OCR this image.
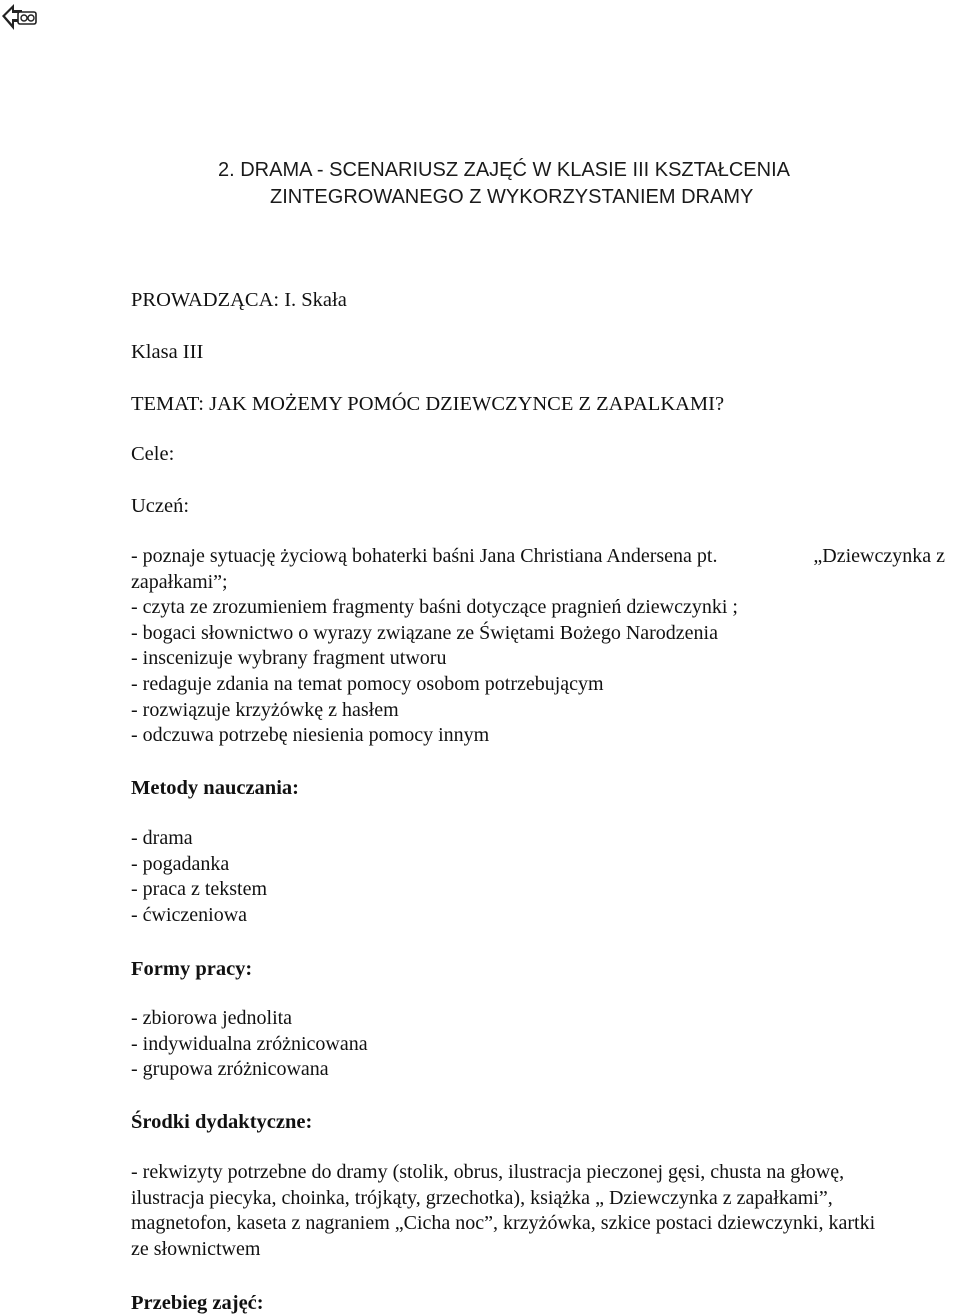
2. DRAMA - SCENARIUSZ ZAJĘĆ W KLASIE III KSZTAŁCENIA
ZINTEGROWANEGO Z WYKORZYSTANIEM DRAMY
PROWADZĄCA: I. Skała
Klasa III
TEMAT: JAK MOŻEMY POMÓC DZIEWCZYNCE Z ZAPALKAMI?
Cele:
Uczeń:
- poznaje sytuację życiową bohaterki baśni Jana Christiana Andersena pt.	„Dziewczynka z
zapałkami”;
- czyta ze zrozumieniem fragmenty baśni dotyczące pragnień dziewczynki ;
- bogaci słownictwo o wyrazy związane ze Świętami Bożego Narodzenia
- inscenizuje wybrany fragment utworu
- redaguje zdania na temat pomocy osobom potrzebującym
- rozwiązuje krzyżówkę z hasłem
- odczuwa potrzebę niesienia pomocy innym
Metody nauczania:
- drama
- pogadanka
- praca z tekstem
- ćwiczeniowa
Formy pracy:
- zbiorowa jednolita
- indywidualna zróżnicowana
- grupowa zróżnicowana
Środki dydaktyczne:
- rekwizyty potrzebne do dramy (stolik, obrus, ilustracja pieczonej gęsi, chusta na głowę,
ilustracja piecyka, choinka, trójkąty, grzechotka), książka „ Dziewczynka z zapałkami”,
magnetofon, kaseta z nagraniem „Cicha noc”, krzyżówka, szkice postaci dziewczynki, kartki
ze słownictwem
Przebieg zajęć:
